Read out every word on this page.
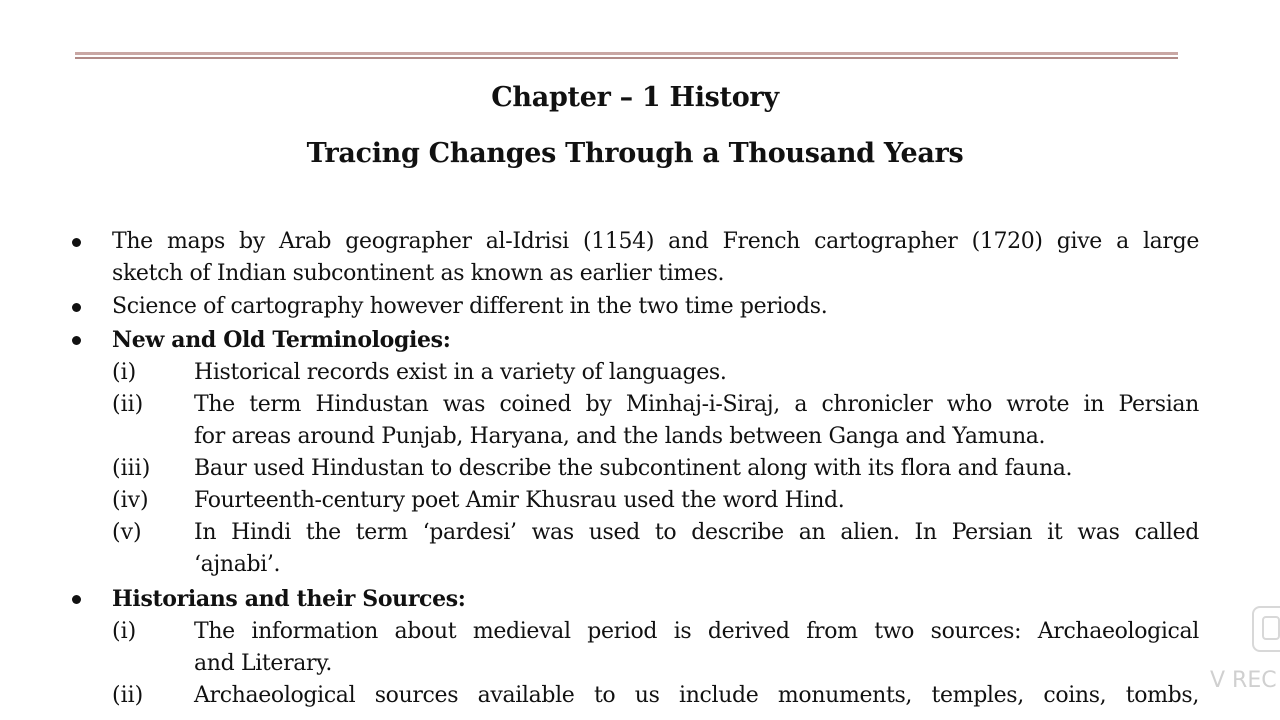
Chapter – 1 History
Tracing Changes Through a Thousand Years
The maps by Arab geographer al-Idrisi (1154) and French cartographer (1720) give a large
sketch of Indian subcontinent as known as earlier times.
Science of cartography however different in the two time periods.
New and Old Terminologies:
(i)	Historical records exist in a variety of languages.
(ii) The term Hindustan was coined by Minhaj-i-Siraj, a chronicler who wrote in Persian
for areas around Punjab, Haryana, and the lands between Ganga and Yamuna.
(iii) Baur used Hindustan to describe the subcontinent along with its flora and fauna.
(iv) Fourteenth-century poet Amir Khusrau used the word Hind.
(v) In Hindi the term ‘pardesi’ was used to describe an alien. In Persian it was called
‘ajnabi’.
Historians and their Sources:
(i)	The information about medieval period is derived from two sources: Archaeological
and Literary.
(ii) Archaeological sources available to us include monuments, temples, coins, tombs,
V REC
